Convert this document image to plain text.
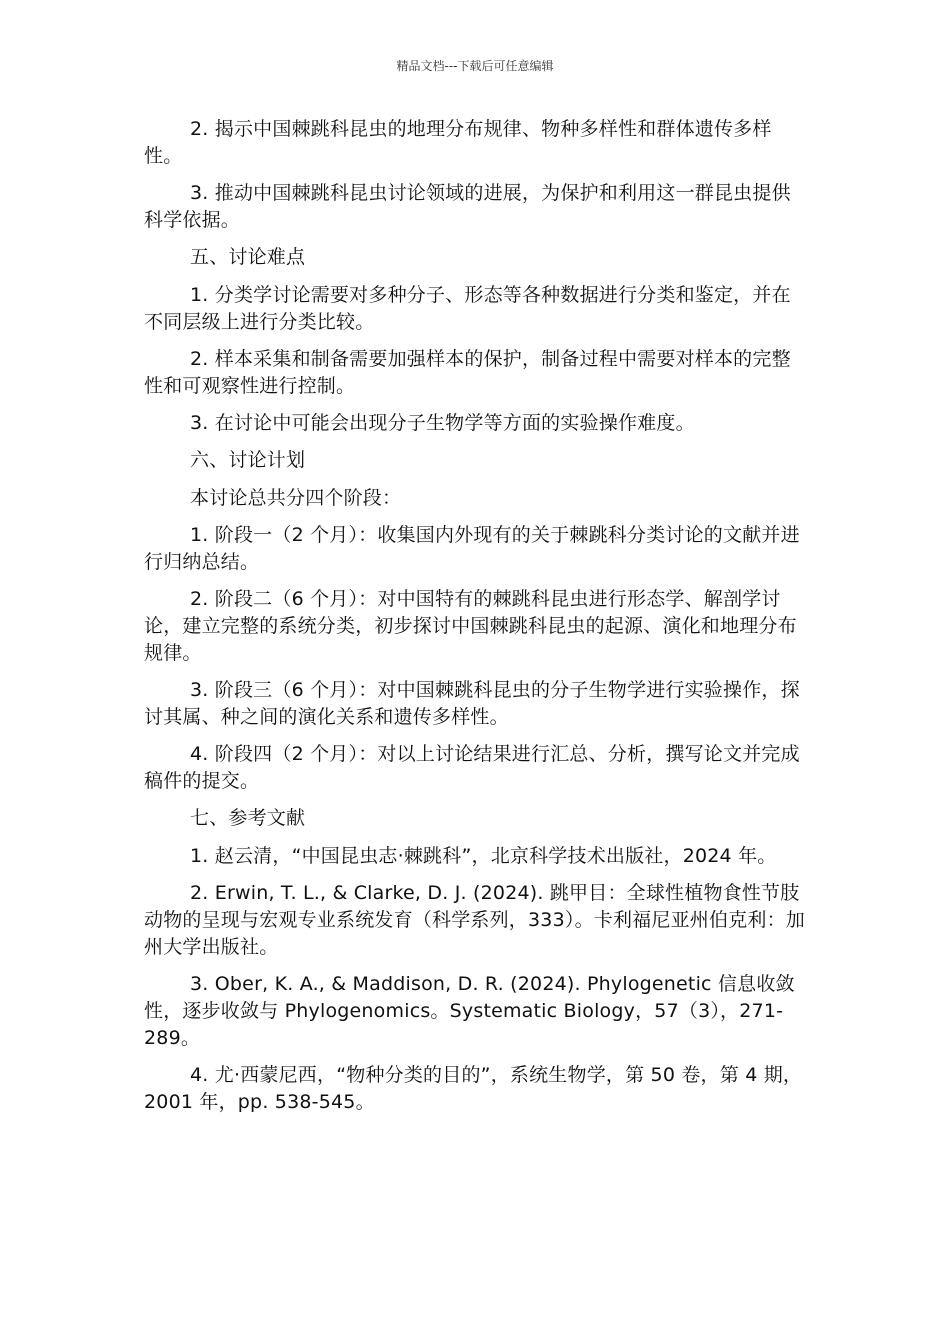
精品文档---下载后可任意编辑

2. 揭示中国棘跳科昆虫的地理分布规律、物种多样性和群体遗传多样性。

3. 推动中国棘跳科昆虫讨论领域的进展，为保护和利用这一群昆虫提供科学依据。

五、讨论难点

1. 分类学讨论需要对多种分子、形态等各种数据进行分类和鉴定，并在不同层级上进行分类比较。

2. 样本采集和制备需要加强样本的保护，制备过程中需要对样本的完整性和可观察性进行控制。

3. 在讨论中可能会出现分子生物学等方面的实验操作难度。

六、讨论计划

本讨论总共分四个阶段：

1. 阶段一（2 个月）：收集国内外现有的关于棘跳科分类讨论的文献并进行归纳总结。

2. 阶段二（6 个月）：对中国特有的棘跳科昆虫进行形态学、解剖学讨论，建立完整的系统分类，初步探讨中国棘跳科昆虫的起源、演化和地理分布规律。

3. 阶段三（6 个月）：对中国棘跳科昆虫的分子生物学进行实验操作，探讨其属、种之间的演化关系和遗传多样性。

4. 阶段四（2 个月）：对以上讨论结果进行汇总、分析，撰写论文并完成稿件的提交。

七、参考文献

1. 赵云清，“中国昆虫志·棘跳科”，北京科学技术出版社，2024 年。

2. Erwin, T. L., & Clarke, D. J. (2024). 跳甲目：全球性植物食性节肢动物的呈现与宏观专业系统发育（科学系列，333）。卡利福尼亚州伯克利：加州大学出版社。

3. Ober, K. A., & Maddison, D. R. (2024). Phylogenetic 信息收敛性，逐步收敛与 Phylogenomics。Systematic Biology，57（3），271-289。

4. 尤·西蒙尼西，“物种分类的目的”，系统生物学，第 50 卷，第 4 期，2001 年，pp. 538-545。
